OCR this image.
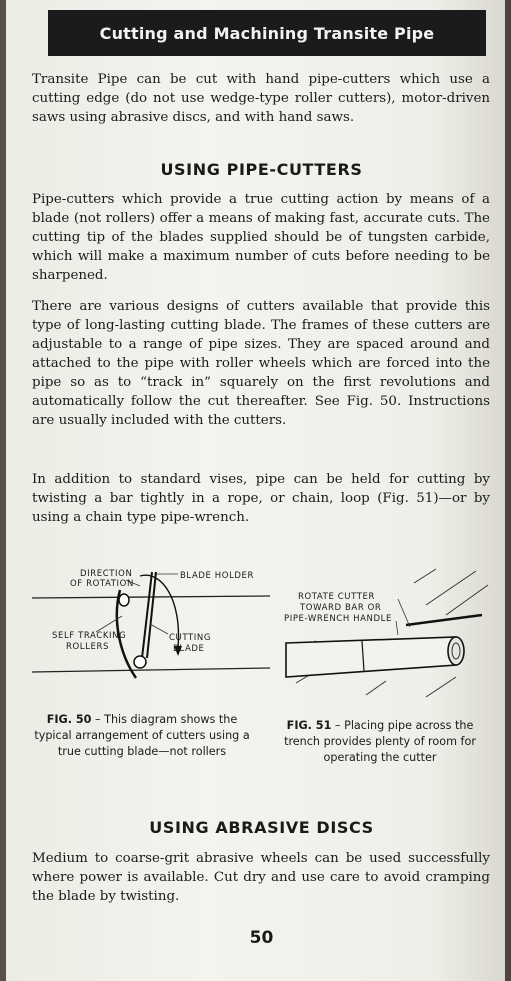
Cutting and Machining Transite Pipe

Transite Pipe can be cut with hand pipe-cutters which use a cutting edge (do not use wedge-type roller cutters), motor-driven saws using abrasive discs, and with hand saws.

USING PIPE-CUTTERS

Pipe-cutters which provide a true cutting action by means of a blade (not rollers) offer a means of making fast, accurate cuts. The cutting tip of the blades supplied should be of tungsten carbide, which will make a maximum number of cuts before needing to be sharpened.

There are various designs of cutters available that provide this type of long-lasting cutting blade. The frames of these cutters are adjustable to a range of pipe sizes. They are spaced around and attached to the pipe with roller wheels which are forced into the pipe so as to “track in” squarely on the first revolutions and automatically follow the cut thereafter. See Fig. 50. Instructions are usually included with the cutters.

In addition to standard vises, pipe can be held for cutting by twisting a bar tightly in a rope, or chain, loop (Fig. 51)—or by using a chain type pipe-wrench.

DIRECTION
OF ROTATION
BLADE HOLDER
SELF TRACKING
ROLLERS
CUTTING
BLADE
ROTATE CUTTER
TOWARD BAR OR
PIPE-WRENCH HANDLE

FIG. 50 – This diagram shows the typical arrangement of cutters using a true cutting blade—not rollers

FIG. 51 – Placing pipe across the trench provides plenty of room for operating the cutter

USING ABRASIVE DISCS

Medium to coarse-grit abrasive wheels can be used successfully where power is available. Cut dry and use care to avoid cramping the blade by twisting.

50
